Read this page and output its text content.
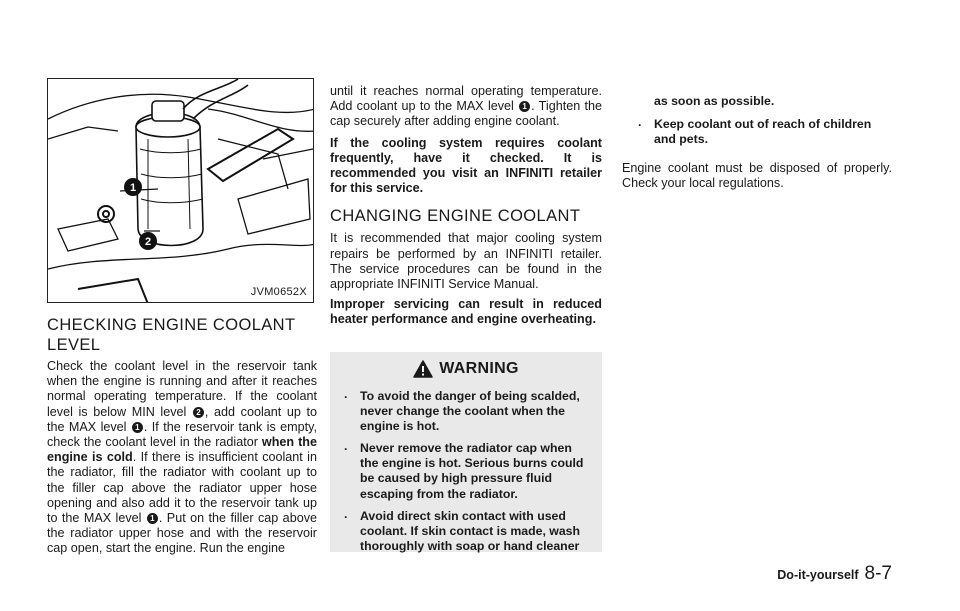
1
2
JVM0652X
CHECKING ENGINE COOLANT
LEVEL

Check the coolant level in the reservoir tank when the engine is running and after it reaches normal operating temperature. If the coolant level is below MIN level 2 , add coolant up to the MAX level 1 . If the reservoir tank is empty, check the coolant level in the radiator when the engine is cold. If there is insufficient coolant in the radiator, fill the radiator with coolant up to the filler cap above the radiator upper hose opening and also add it to the reservoir tank up to the MAX level 1 . Put on the filler cap above the radiator upper hose and with the reservoir cap open, start the engine. Run the engine

until it reaches normal operating temperature. Add coolant up to the MAX level 1 . Tighten the cap securely after adding engine coolant.

If the cooling system requires coolant frequently, have it checked. It is recommended you visit an INFINITI retailer for this service.

CHANGING ENGINE COOLANT

It is recommended that major cooling system repairs be performed by an INFINITI retailer. The service procedures can be found in the appropriate INFINITI Service Manual.

Improper servicing can result in reduced heater performance and engine overheating.

WARNING
. To avoid the danger of being scalded, never change the coolant when the engine is hot.
. Never remove the radiator cap when the engine is hot. Serious burns could be caused by high pressure fluid escaping from the radiator.
. Avoid direct skin contact with used coolant. If skin contact is made, wash thoroughly with soap or hand cleaner
as soon as possible.
. Keep coolant out of reach of children and pets.

Engine coolant must be disposed of properly. Check your local regulations.

Do-it-yourself 8-7
